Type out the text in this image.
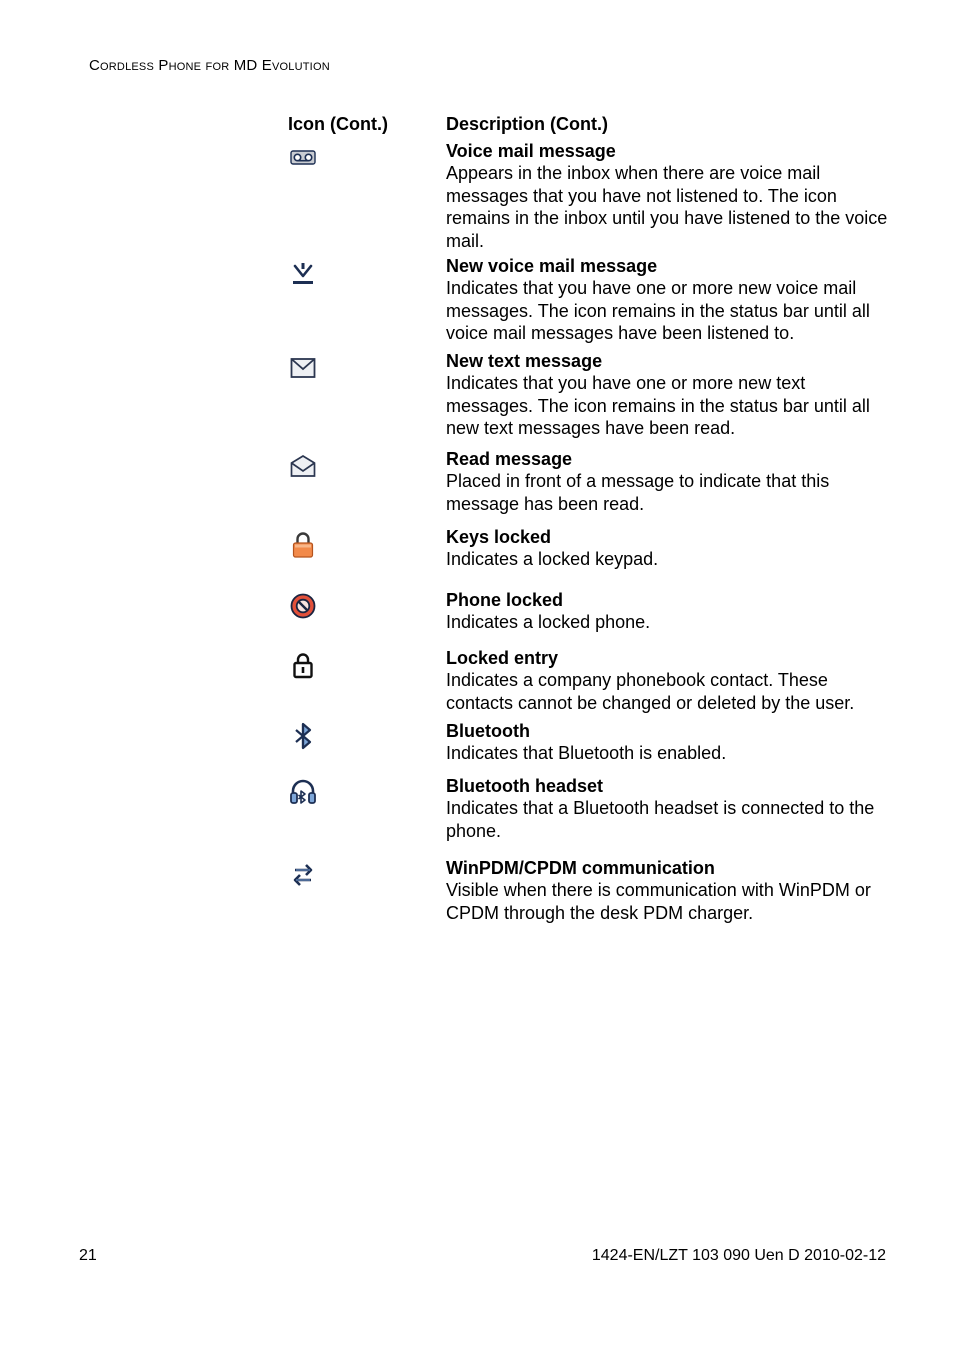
Cordless Phone for MD Evolution
Icon (Cont.)	Description (Cont.)
Voice mail message
Appears in the inbox when there are voice mail messages that you have not listened to. The icon remains in the inbox until you have listened to the voice mail.
New voice mail message
Indicates that you have one or more new voice mail messages. The icon remains in the status bar until all voice mail messages have been listened to.
New text message
Indicates that you have one or more new text messages. The icon remains in the status bar until all new text messages have been read.
Read message
Placed in front of a message to indicate that this message has been read.
Keys locked
Indicates a locked keypad.
Phone locked
Indicates a locked phone.
Locked entry
Indicates a company phonebook contact. These contacts cannot be changed or deleted by the user.
Bluetooth
Indicates that Bluetooth is enabled.
Bluetooth headset
Indicates that a Bluetooth headset is connected to the phone.
WinPDM/CPDM communication
Visible when there is communication with WinPDM or CPDM through the desk PDM charger.
21	1424-EN/LZT 103 090 Uen D 2010-02-12
